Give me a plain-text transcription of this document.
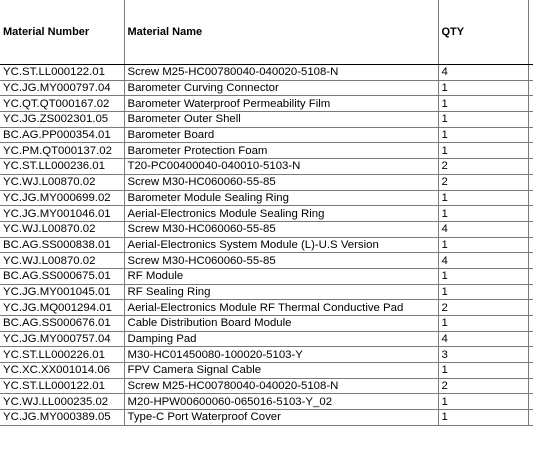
Material Number	Material Name	QTY	
YC.ST.LL000122.01	Screw M25-HC00780040-040020-5108-N	4	
YC.JG.MY000797.04	Barometer Curving Connector	1	
YC.QT.QT000167.02	Barometer Waterproof Permeability Film	1	
YC.JG.ZS002301.05	Barometer Outer Shell	1	
BC.AG.PP000354.01	Barometer Board	1	
YC.PM.QT000137.02	Barometer Protection Foam	1	
YC.ST.LL000236.01	T20-PC00400040-040010-5103-N	2	
YC.WJ.L00870.02	Screw M30-HC060060-55-85	2	
YC.JG.MY000699.02	Barometer Module Sealing Ring	1	
YC.JG.MY001046.01	Aerial-Electronics Module Sealing Ring	1	
YC.WJ.L00870.02	Screw M30-HC060060-55-85	4	
BC.AG.SS000838.01	Aerial-Electronics System Module (L)-U.S Version	1	
YC.WJ.L00870.02	Screw M30-HC060060-55-85	4	
BC.AG.SS000675.01	RF Module	1	
YC.JG.MY001045.01	RF Sealing Ring	1	
YC.JG.MQ001294.01	Aerial-Electronics Module RF Thermal Conductive Pad	2	
BC.AG.SS000676.01	Cable Distribution Board Module	1	
YC.JG.MY000757.04	Damping Pad	4	
YC.ST.LL000226.01	M30-HC01450080-100020-5103-Y	3	
YC.XC.XX001014.06	FPV Camera Signal Cable	1	
YC.ST.LL000122.01	Screw M25-HC00780040-040020-5108-N	2	
YC.WJ.LL000235.02	M20-HPW00600060-065016-5103-Y_02	1	
YC.JG.MY000389.05	Type-C Port Waterproof Cover	1	
